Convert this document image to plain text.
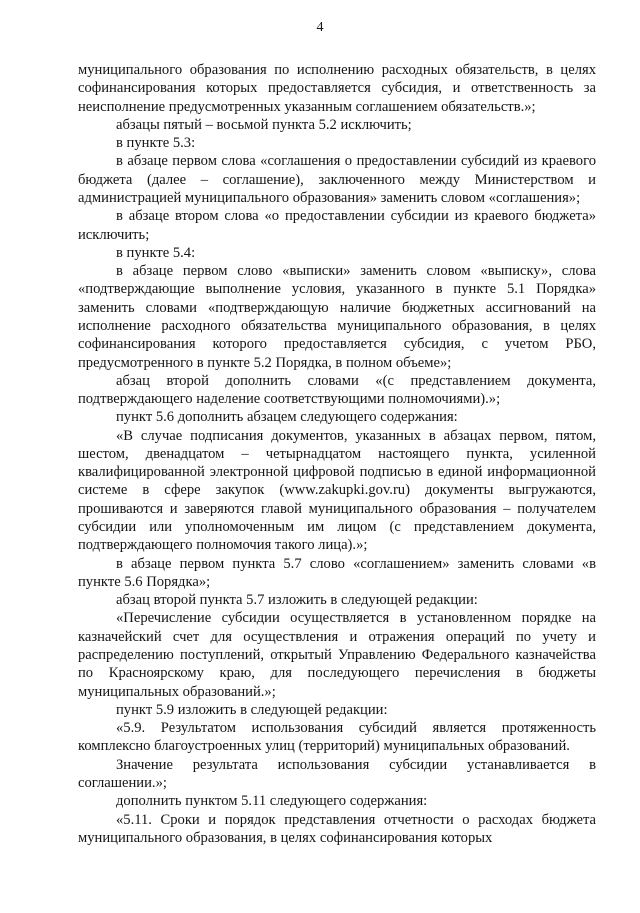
4

муниципального образования по исполнению расходных обязательств, в целях софинансирования которых предоставляется субсидия, и ответственность за неисполнение предусмотренных указанным соглашением обязательств.»;

абзацы пятый – восьмой пункта 5.2 исключить;

в пункте 5.3:

в абзаце первом слова «соглашения о предоставлении субсидий из краевого бюджета (далее – соглашение), заключенного между Министерством и администрацией муниципального образования» заменить словом «соглашения»;

в абзаце втором слова «о предоставлении субсидии из краевого бюджета» исключить;

в пункте 5.4:

в абзаце первом слово «выписки» заменить словом «выписку», слова «подтверждающие выполнение условия, указанного в пункте 5.1 Порядка» заменить словами «подтверждающую наличие бюджетных ассигнований на исполнение расходного обязательства муниципального образования, в целях софинансирования которого предоставляется субсидия, с учетом РБО, предусмотренного в пункте 5.2 Порядка, в полном объеме»;

абзац второй дополнить словами «(с представлением документа, подтверждающего наделение соответствующими полномочиями).»;

пункт 5.6 дополнить абзацем следующего содержания:

«В случае подписания документов, указанных в абзацах первом, пятом, шестом, двенадцатом – четырнадцатом настоящего пункта, усиленной квалифицированной электронной цифровой подписью в единой информационной системе в сфере закупок (www.zakupki.gov.ru) документы выгружаются, прошиваются и заверяются главой муниципального образования – получателем субсидии или уполномоченным им лицом (с представлением документа, подтверждающего полномочия такого лица).»;

в абзаце первом пункта 5.7 слово «соглашением» заменить словами «в пункте 5.6 Порядка»;

абзац второй пункта 5.7 изложить в следующей редакции:

«Перечисление субсидии осуществляется в установленном порядке на казначейский счет для осуществления и отражения операций по учету и распределению поступлений, открытый Управлению Федерального казначейства по Красноярскому краю, для последующего перечисления в бюджеты муниципальных образований.»;

пункт 5.9 изложить в следующей редакции:

«5.9. Результатом использования субсидий является протяженность комплексно благоустроенных улиц (территорий) муниципальных образований.

Значение результата использования субсидии устанавливается в соглашении.»;

дополнить пунктом 5.11 следующего содержания:

«5.11. Сроки и порядок представления отчетности о расходах бюджета муниципального образования, в целях софинансирования которых
